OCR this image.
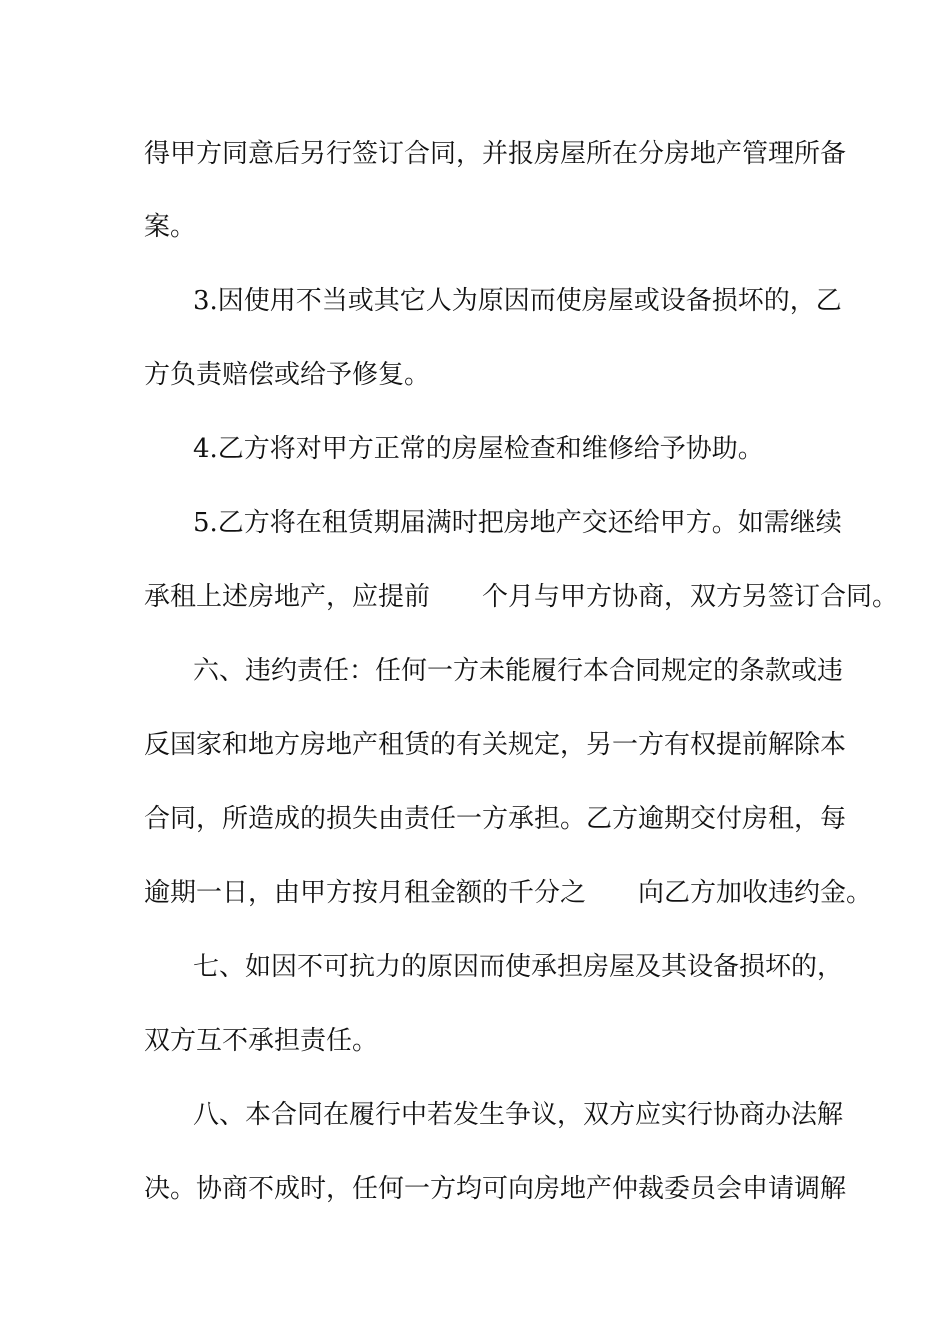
得甲方同意后另行签订合同，并报房屋所在分房地产管理所备
案。
3.因使用不当或其它人为原因而使房屋或设备损坏的，乙
方负责赔偿或给予修复。
4.乙方将对甲方正常的房屋检查和维修给予协助。
5.乙方将在租赁期届满时把房地产交还给甲方。如需继续
承租上述房地产，应提前　　个月与甲方协商，双方另签订合同。
六、违约责任：任何一方未能履行本合同规定的条款或违
反国家和地方房地产租赁的有关规定，另一方有权提前解除本
合同，所造成的损失由责任一方承担。乙方逾期交付房租，每
逾期一日，由甲方按月租金额的千分之　　向乙方加收违约金。
七、如因不可抗力的原因而使承担房屋及其设备损坏的，
双方互不承担责任。
八、本合同在履行中若发生争议，双方应实行协商办法解
决。协商不成时，任何一方均可向房地产仲裁委员会申请调解
